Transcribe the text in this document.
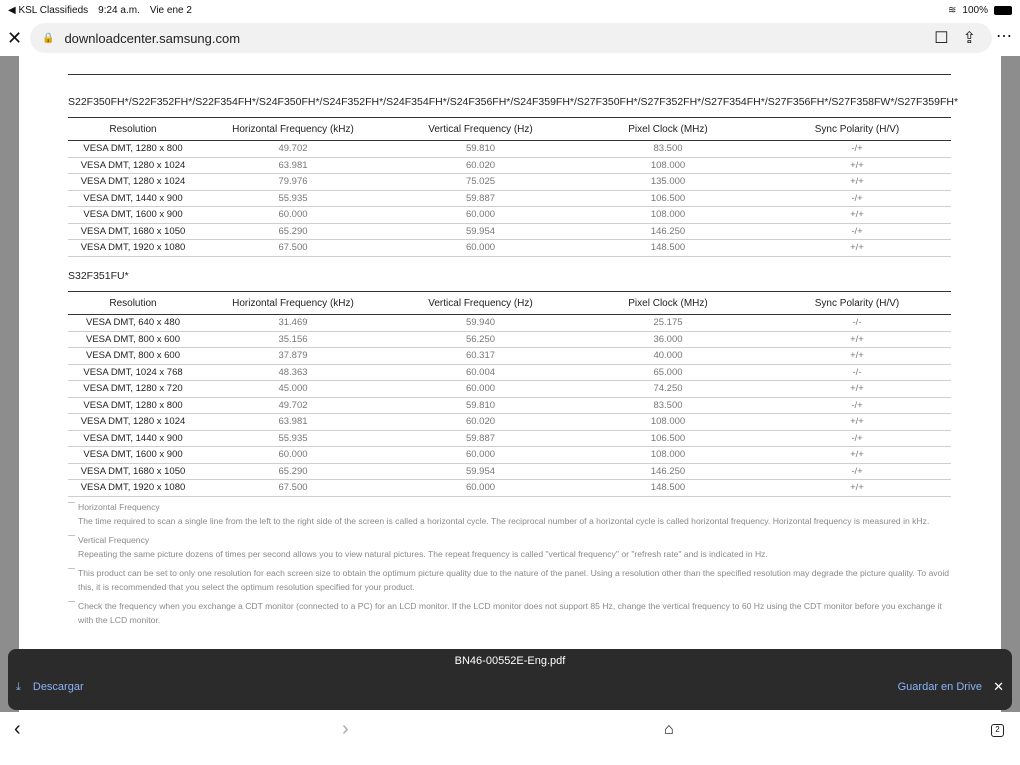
◀ KSL Classifieds 9:24 a.m. Vie ene 2	≋ 100%
✕ 🔒 downloadcenter.samsung.com	☐ ⇪ ⋯
S22F350FH*/S22F352FH*/S22F354FH*/S24F350FH*/S24F352FH*/S24F354FH*/S24F356FH*/S24F359FH*/S27F350FH*/S27F352FH*/S27F354FH*/S27F356FH*/S27F358FW*/S27F359FH*
Resolution	Horizontal Frequency (kHz)	Vertical Frequency (Hz)	Pixel Clock (MHz)	Sync Polarity (H/V)
VESA DMT, 1280 x 800	49.702	59.810	83.500	-/+
VESA DMT, 1280 x 1024	63.981	60.020	108.000	+/+
VESA DMT, 1280 x 1024	79.976	75.025	135.000	+/+
VESA DMT, 1440 x 900	55.935	59.887	106.500	-/+
VESA DMT, 1600 x 900	60.000	60.000	108.000	+/+
VESA DMT, 1680 x 1050	65.290	59.954	146.250	-/+
VESA DMT, 1920 x 1080	67.500	60.000	148.500	+/+
S32F351FU*
Resolution	Horizontal Frequency (kHz)	Vertical Frequency (Hz)	Pixel Clock (MHz)	Sync Polarity (H/V)
VESA DMT, 640 x 480	31.469	59.940	25.175	-/-
VESA DMT, 800 x 600	35.156	56.250	36.000	+/+
VESA DMT, 800 x 600	37.879	60.317	40.000	+/+
VESA DMT, 1024 x 768	48.363	60.004	65.000	-/-
VESA DMT, 1280 x 720	45.000	60.000	74.250	+/+
VESA DMT, 1280 x 800	49.702	59.810	83.500	-/+
VESA DMT, 1280 x 1024	63.981	60.020	108.000	+/+
VESA DMT, 1440 x 900	55.935	59.887	106.500	-/+
VESA DMT, 1600 x 900	60.000	60.000	108.000	+/+
VESA DMT, 1680 x 1050	65.290	59.954	146.250	-/+
VESA DMT, 1920 x 1080	67.500	60.000	148.500	+/+
— Horizontal Frequency
The time required to scan a single line from the left to the right side of the screen is called a horizontal cycle. The reciprocal number of a horizontal cycle is called horizontal frequency. Horizontal frequency is measured in kHz.
— Vertical Frequency
Repeating the same picture dozens of times per second allows you to view natural pictures. The repeat frequency is called "vertical frequency" or "refresh rate" and is indicated in Hz.
— This product can be set to only one resolution for each screen size to obtain the optimum picture quality due to the nature of the panel. Using a resolution other than the specified resolution may degrade the picture quality. To avoid this, it is recommended that you select the optimum resolution specified for your product.
— Check the frequency when you exchange a CDT monitor (connected to a PC) for an LCD monitor. If the LCD monitor does not support 85 Hz, change the vertical frequency to 60 Hz using the CDT monitor before you exchange it with the LCD monitor.
BN46-00552E-Eng.pdf
⤓ Descargar	Guardar en Drive ✕
‹	›	⌂	2
